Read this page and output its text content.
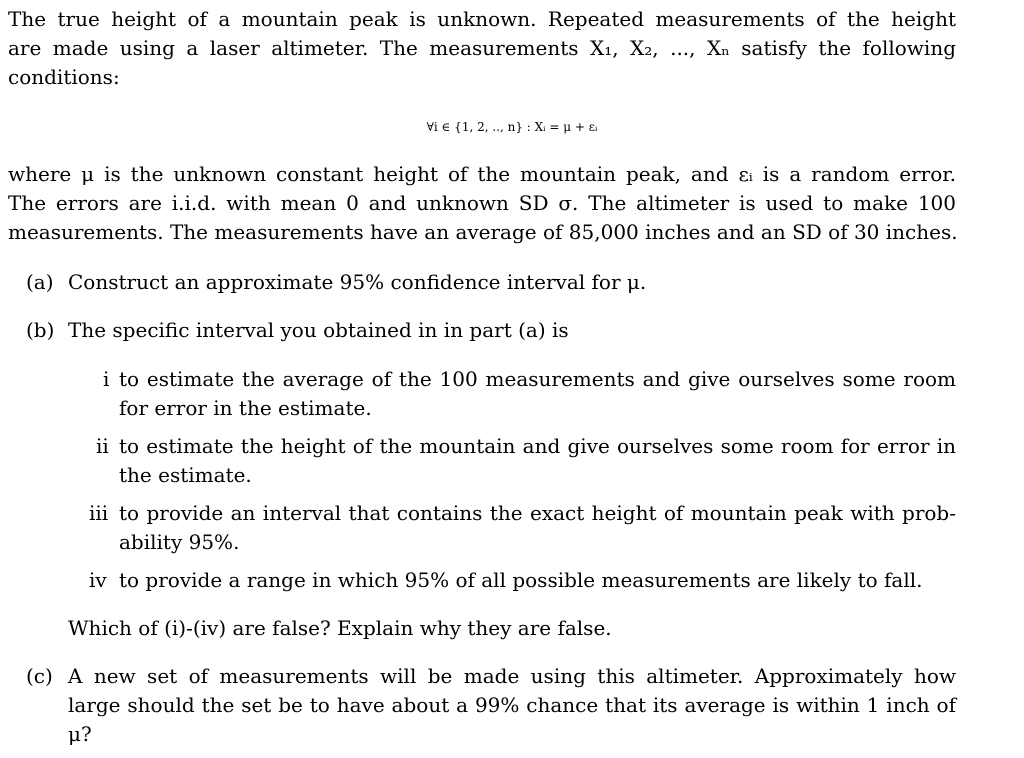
The true height of a mountain peak is unknown. Repeated measurements of the height
are made using a laser altimeter. The measurements X₁, X₂, ..., Xₙ satisfy the following
conditions:
∀i ∈ {1, 2, .., n} : Xᵢ = μ + εᵢ
where μ is the unknown constant height of the mountain peak, and εᵢ is a random error.
The errors are i.i.d. with mean 0 and unknown SD σ. The altimeter is used to make 100
measurements. The measurements have an average of 85,000 inches and an SD of 30 inches.
(a) Construct an approximate 95% confidence interval for μ.
(b) The specific interval you obtained in in part (a) is
i to estimate the average of the 100 measurements and give ourselves some room
for error in the estimate.
ii to estimate the height of the mountain and give ourselves some room for error in
the estimate.
iii to provide an interval that contains the exact height of mountain peak with prob-
ability 95%.
iv to provide a range in which 95% of all possible measurements are likely to fall.
Which of (i)-(iv) are false? Explain why they are false.
(c) A new set of measurements will be made using this altimeter. Approximately how
large should the set be to have about a 99% chance that its average is within 1 inch of
μ?
